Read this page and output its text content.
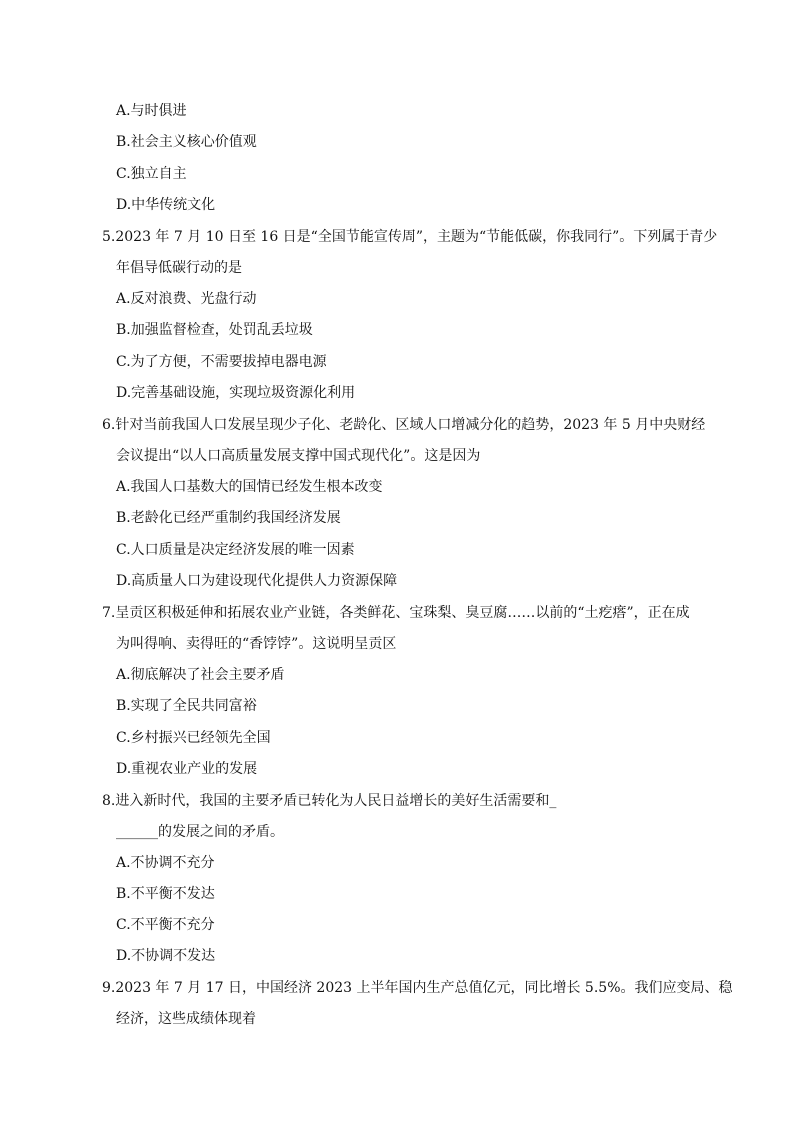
A.与时俱进
B.社会主义核心价值观
C.独立自主
D.中华传统文化
5.2023 年 7 月 10 日至 16 日是“全国节能宣传周”，主题为“节能低碳，你我同行”。下列属于青少
年倡导低碳行动的是
A.反对浪费、光盘行动
B.加强监督检查，处罚乱丢垃圾
C.为了方便，不需要拔掉电器电源
D.完善基础设施，实现垃圾资源化利用
6.针对当前我国人口发展呈现少子化、老龄化、区域人口增减分化的趋势，2023 年 5 月中央财经
会议提出“以人口高质量发展支撑中国式现代化”。这是因为
A.我国人口基数大的国情已经发生根本改变
B.老龄化已经严重制约我国经济发展
C.人口质量是决定经济发展的唯一因素
D.高质量人口为建设现代化提供人力资源保障
7.呈贡区积极延伸和拓展农业产业链，各类鲜花、宝珠梨、臭豆腐……以前的“土疙瘩”，正在成
为叫得响、卖得旺的“香饽饽”。这说明呈贡区
A.彻底解决了社会主要矛盾
B.实现了全民共同富裕
C.乡村振兴已经领先全国
D.重视农业产业的发展
8.进入新时代，我国的主要矛盾已转化为人民日益增长的美好生活需要和_
______的发展之间的矛盾。
A.不协调不充分
B.不平衡不发达
C.不平衡不充分
D.不协调不发达
9.2023 年 7 月 17 日，中国经济 2023 上半年国内生产总值亿元，同比增长 5.5%。我们应变局、稳
经济，这些成绩体现着
